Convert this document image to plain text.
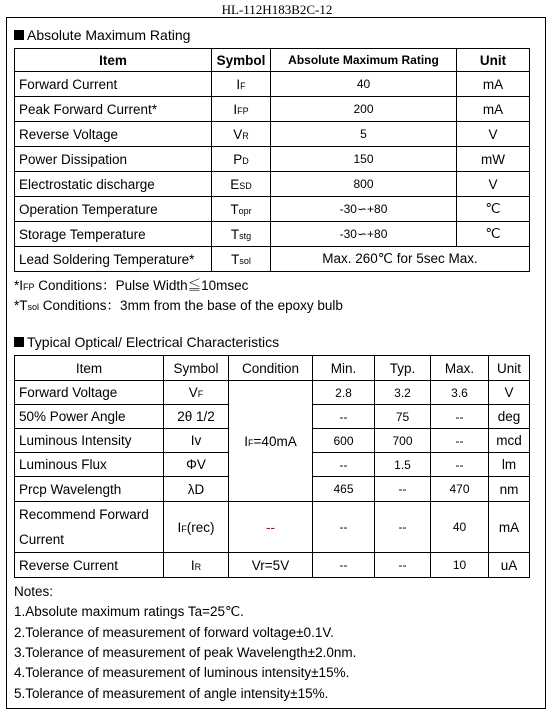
HL-112H183B2C-12
Absolute Maximum Rating
Item	Symbol	Absolute Maximum Rating	Unit
Forward Current	IF	40	mA
Peak Forward Current*	IFP	200	mA
Reverse Voltage	VR	5	V
Power Dissipation	PD	150	mW
Electrostatic discharge	ESD	800	V
Operation Temperature	Topr	-30∽+80	℃
Storage Temperature	Tstg	-30∽+80	℃
Lead Soldering Temperature*	Tsol	Max. 260℃ for 5sec Max.	
*IFP Conditions：Pulse Width≦10msec
*Tsol Conditions：3mm from the base of the epoxy bulb
Typical Optical/ Electrical Characteristics
Item	Symbol	Condition	Min.	Typ.	Max.	Unit
Forward Voltage	VF	IF=40mA	2.8	3.2	3.6	V
50% Power Angle	2θ 1/2		--	75	--	deg
Luminous Intensity	Iv		600	700	--	mcd
Luminous Flux	ΦV		--	1.5	--	lm
Prcp Wavelength	λD		465	--	470	nm
Recommend Forward
Current	IF(rec)	--	--	--	40	mA
Reverse Current	IR	Vr=5V	--	--	10	uA
Notes:
1.Absolute maximum ratings Ta=25℃.
2.Tolerance of measurement of forward voltage±0.1V.
3.Tolerance of measurement of peak Wavelength±2.0nm.
4.Tolerance of measurement of luminous intensity±15%.
5.Tolerance of measurement of angle intensity±15%.
